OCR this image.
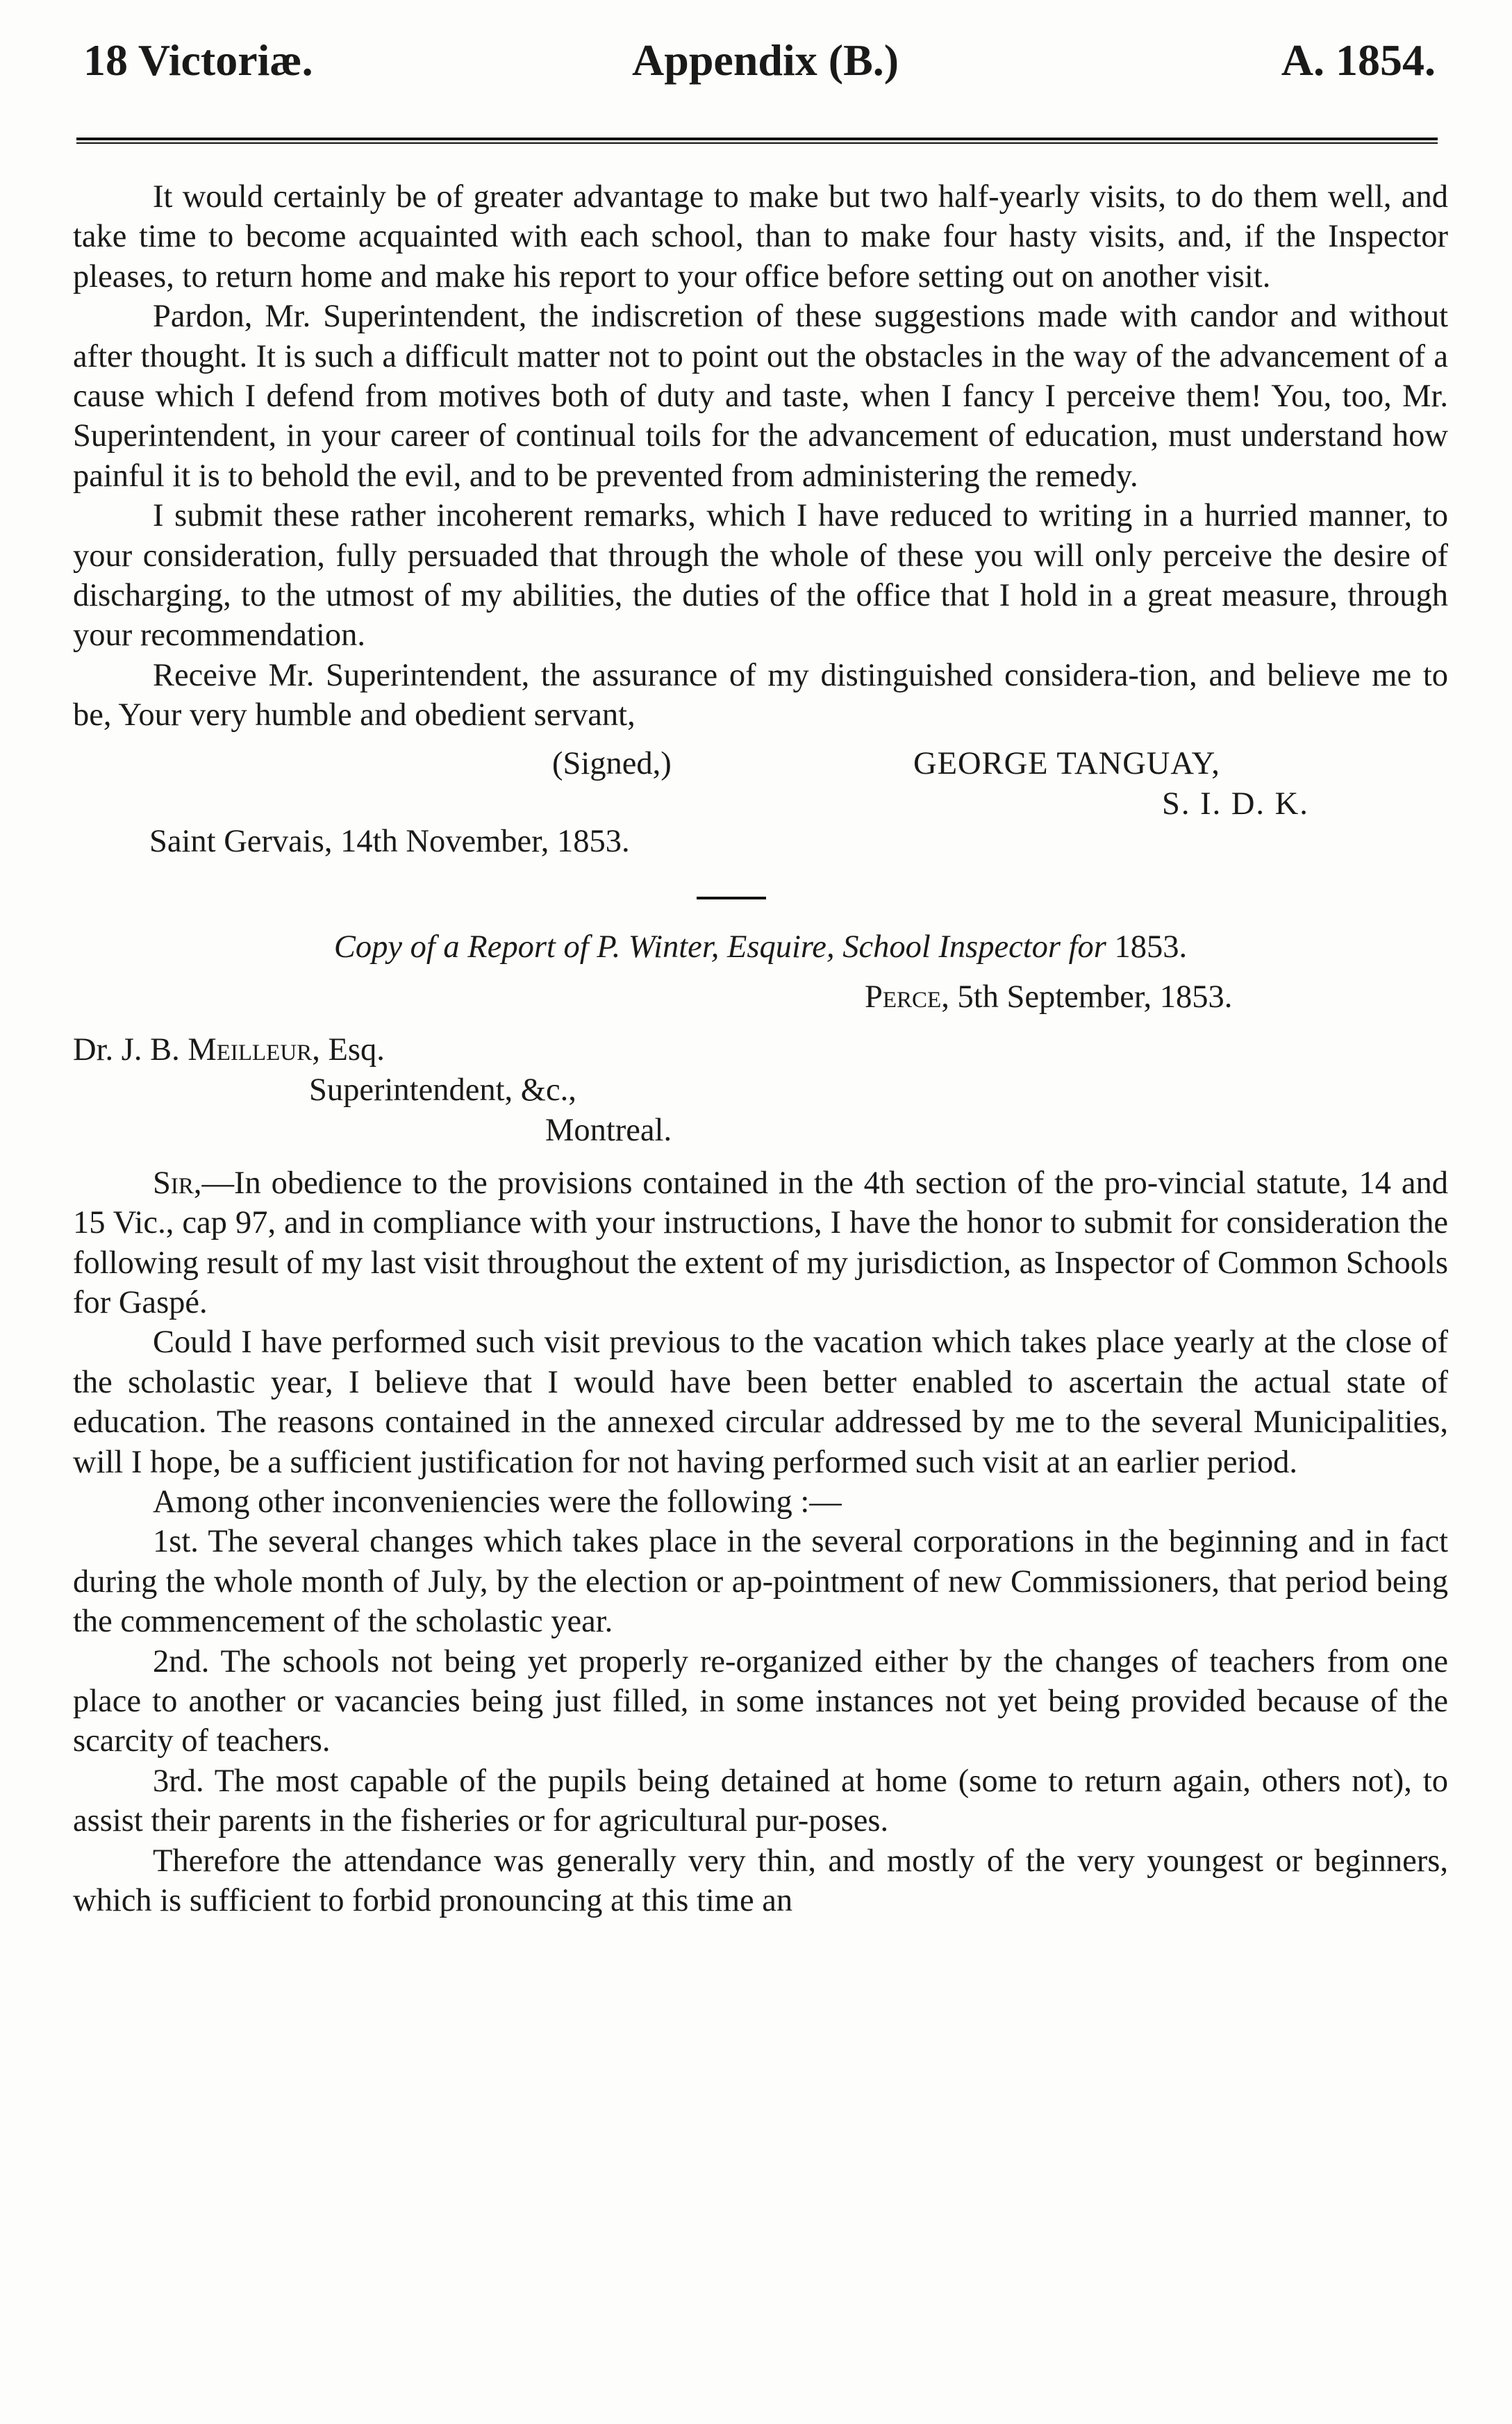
18 Victoriæ.	Appendix (B.)	A. 1854.

It would certainly be of greater advantage to make but two half-yearly visits, to do them well, and take time to become acquainted with each school, than to make four hasty visits, and, if the Inspector pleases, to return home and make his report to your office before setting out on another visit.

Pardon, Mr. Superintendent, the indiscretion of these suggestions made with candor and without after thought. It is such a difficult matter not to point out the obstacles in the way of the advancement of a cause which I defend from motives both of duty and taste, when I fancy I perceive them! You, too, Mr. Superintendent, in your career of continual toils for the advancement of education, must understand how painful it is to behold the evil, and to be prevented from administering the remedy.

I submit these rather incoherent remarks, which I have reduced to writing in a hurried manner, to your consideration, fully persuaded that through the whole of these you will only perceive the desire of discharging, to the utmost of my abilities, the duties of the office that I hold in a great measure, through your recommendation.

Receive Mr. Superintendent, the assurance of my distinguished considera-tion, and believe me to be, Your very humble and obedient servant,

(Signed,)	GEORGE TANGUAY,
S. I. D. K.
Saint Gervais, 14th November, 1853.
Copy of a Report of P. Winter, Esquire, School Inspector for 1853.
Perce, 5th September, 1853.
Dr. J. B. Meilleur, Esq.
Superintendent, &c.,
Montreal.

Sir,—In obedience to the provisions contained in the 4th section of the pro-vincial statute, 14 and 15 Vic., cap 97, and in compliance with your instructions, I have the honor to submit for consideration the following result of my last visit throughout the extent of my jurisdiction, as Inspector of Common Schools for Gaspé.

Could I have performed such visit previous to the vacation which takes place yearly at the close of the scholastic year, I believe that I would have been better enabled to ascertain the actual state of education. The reasons contained in the annexed circular addressed by me to the several Municipalities, will I hope, be a sufficient justification for not having performed such visit at an earlier period.

Among other inconveniencies were the following :—

1st. The several changes which takes place in the several corporations in the beginning and in fact during the whole month of July, by the election or ap-pointment of new Commissioners, that period being the commencement of the scholastic year.

2nd. The schools not being yet properly re-organized either by the changes of teachers from one place to another or vacancies being just filled, in some instances not yet being provided because of the scarcity of teachers.

3rd. The most capable of the pupils being detained at home (some to return again, others not), to assist their parents in the fisheries or for agricultural pur-poses.

Therefore the attendance was generally very thin, and mostly of the very youngest or beginners, which is sufficient to forbid pronouncing at this time an
